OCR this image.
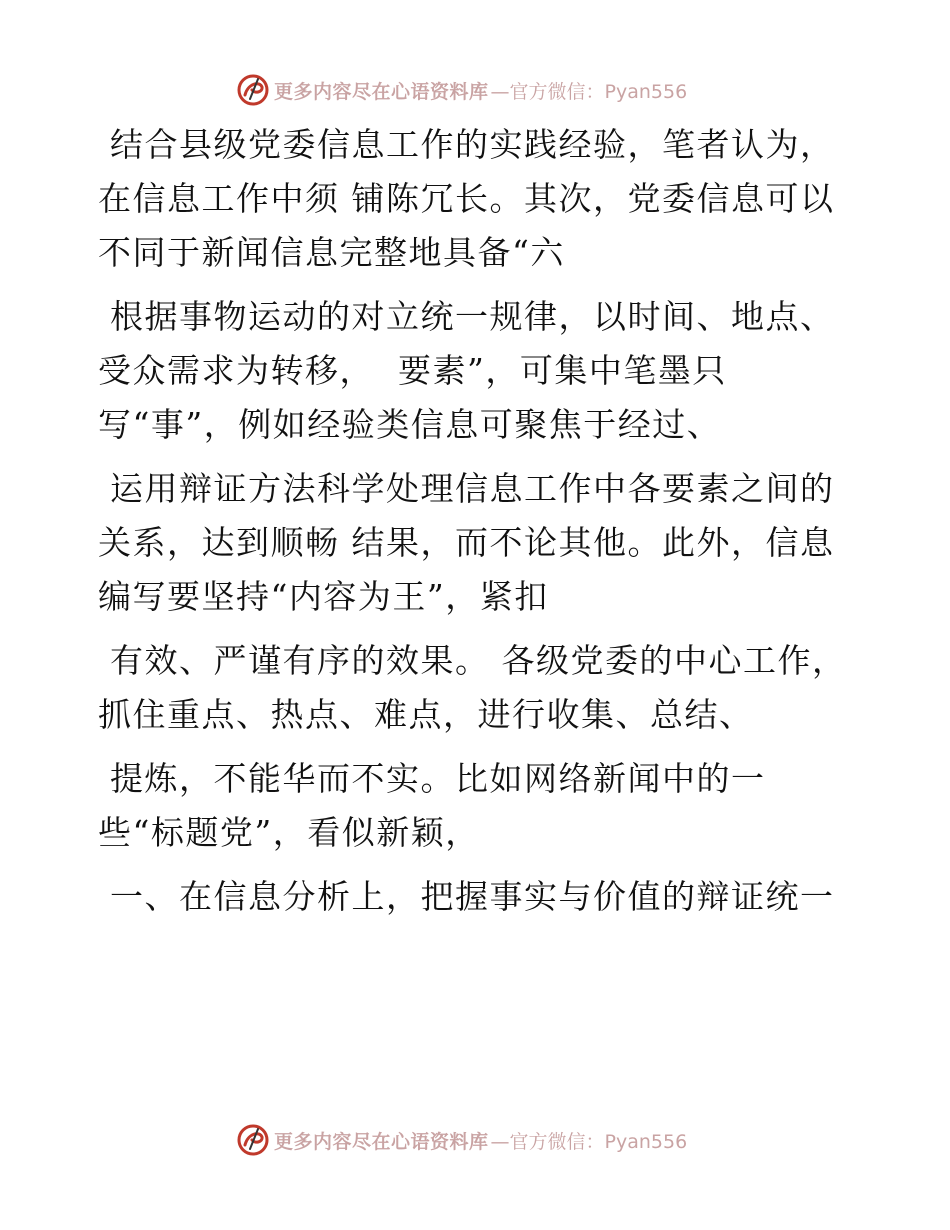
更多内容尽在心语资料库 —官方微信：Pyan556
结合县级党委信息工作的实践经验，笔者认为，
在信息工作中须 铺陈冗长。其次，党委信息可以
不同于新闻信息完整地具备“六
根据事物运动的对立统一规律，以时间、地点、
受众需求为转移，  要素”，可集中笔墨只
写“事”，例如经验类信息可聚焦于经过、
运用辩证方法科学处理信息工作中各要素之间的
关系，达到顺畅 结果，而不论其他。此外，信息
编写要坚持“内容为王”，紧扣
有效、严谨有序的效果。 各级党委的中心工作，
抓住重点、热点、难点，进行收集、总结、
提炼，不能华而不实。比如网络新闻中的一
些“标题党”，看似新颖，
一、在信息分析上，把握事实与价值的辩证统一
更多内容尽在心语资料库 —官方微信：Pyan556
